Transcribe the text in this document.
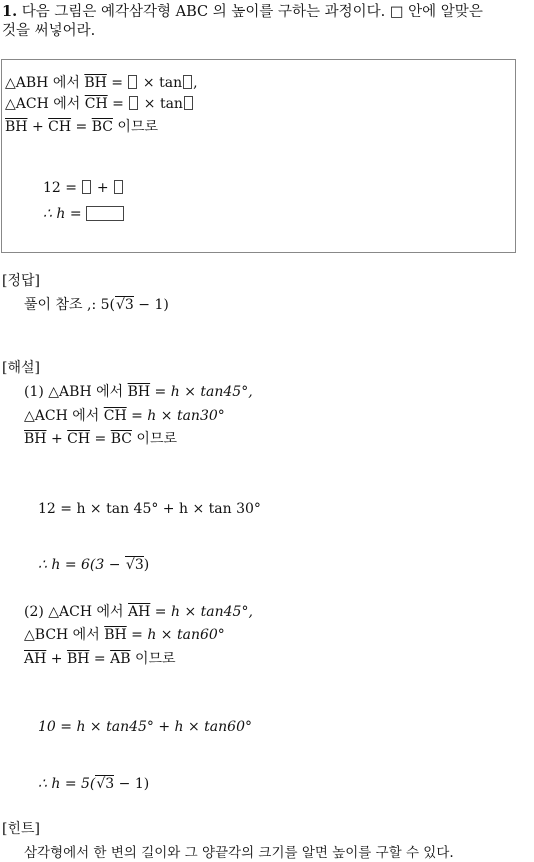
1. 다음 그림은 예각삼각형 ABC 의 높이를 구하는 과정이다. □ 안에 알맞은
것을 써넣어라.
△ABH 에서 $\overline{BH}$ =  × tan ,
△ACH 에서 $\overline{CH}$ =  × tan
$\overline{BH} + \overline{CH} = \overline{BC}$ 이므로
12 =  +
∴ h =
[정답]
풀이 참조 ,: 5(√3 − 1)
[해설]
(1) △ABH 에서 $\overline{BH} = h \times \tan 45^\circ$,
△ACH 에서 $\overline{CH} = h \times \tan 30^\circ$
$\overline{BH} + \overline{CH} = \overline{BC}$ 이므로
12 = h × tan 45° + h × tan 30°
∴ h = 6(3 − √3)
(2) △ACH 에서 $\overline{AH} = h \times \tan 45^\circ$,
△BCH 에서 $\overline{BH} = h \times \tan 60^\circ$
$\overline{AH} + \overline{BH} = \overline{AB}$ 이므로
10 = h × tan45° + h × tan60°
∴ h = 5(√3 − 1)
[힌트]
삼각형에서 한 변의 길이와 그 양끝각의 크기를 알면 높이를 구할 수 있다.
